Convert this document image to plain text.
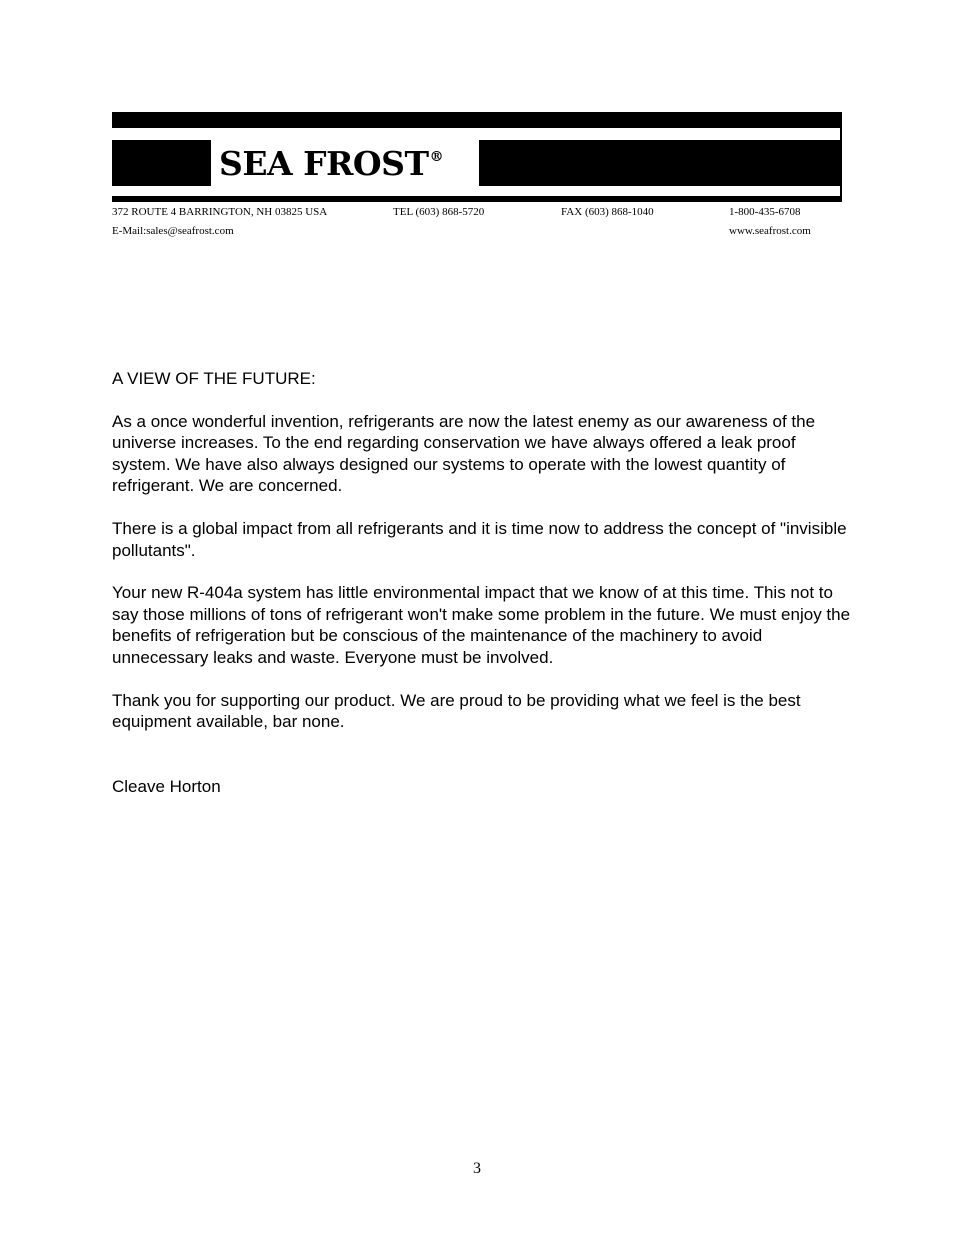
SEA FROST®
372 ROUTE 4 BARRINGTON, NH 03825 USA	TEL (603) 868-5720	FAX (603) 868-1040	1-800-435-6708
E-Mail:sales@seafrost.com	www.seafrost.com

A VIEW OF THE FUTURE:

As a once wonderful invention, refrigerants are now the latest enemy as our awareness of the universe increases. To the end regarding conservation we have always offered a leak proof system. We have also always designed our systems to operate with the lowest quantity of refrigerant. We are concerned.

There is a global impact from all refrigerants and it is time now to address the concept of "invisible pollutants".

Your new R-404a system has little environmental impact that we know of at this time. This not to say those millions of tons of refrigerant won't make some problem in the future. We must enjoy the benefits of refrigeration but be conscious of the maintenance of the machinery to avoid unnecessary leaks and waste. Everyone must be involved.

Thank you for supporting our product. We are proud to be providing what we feel is the best equipment available, bar none.

Cleave Horton

3
